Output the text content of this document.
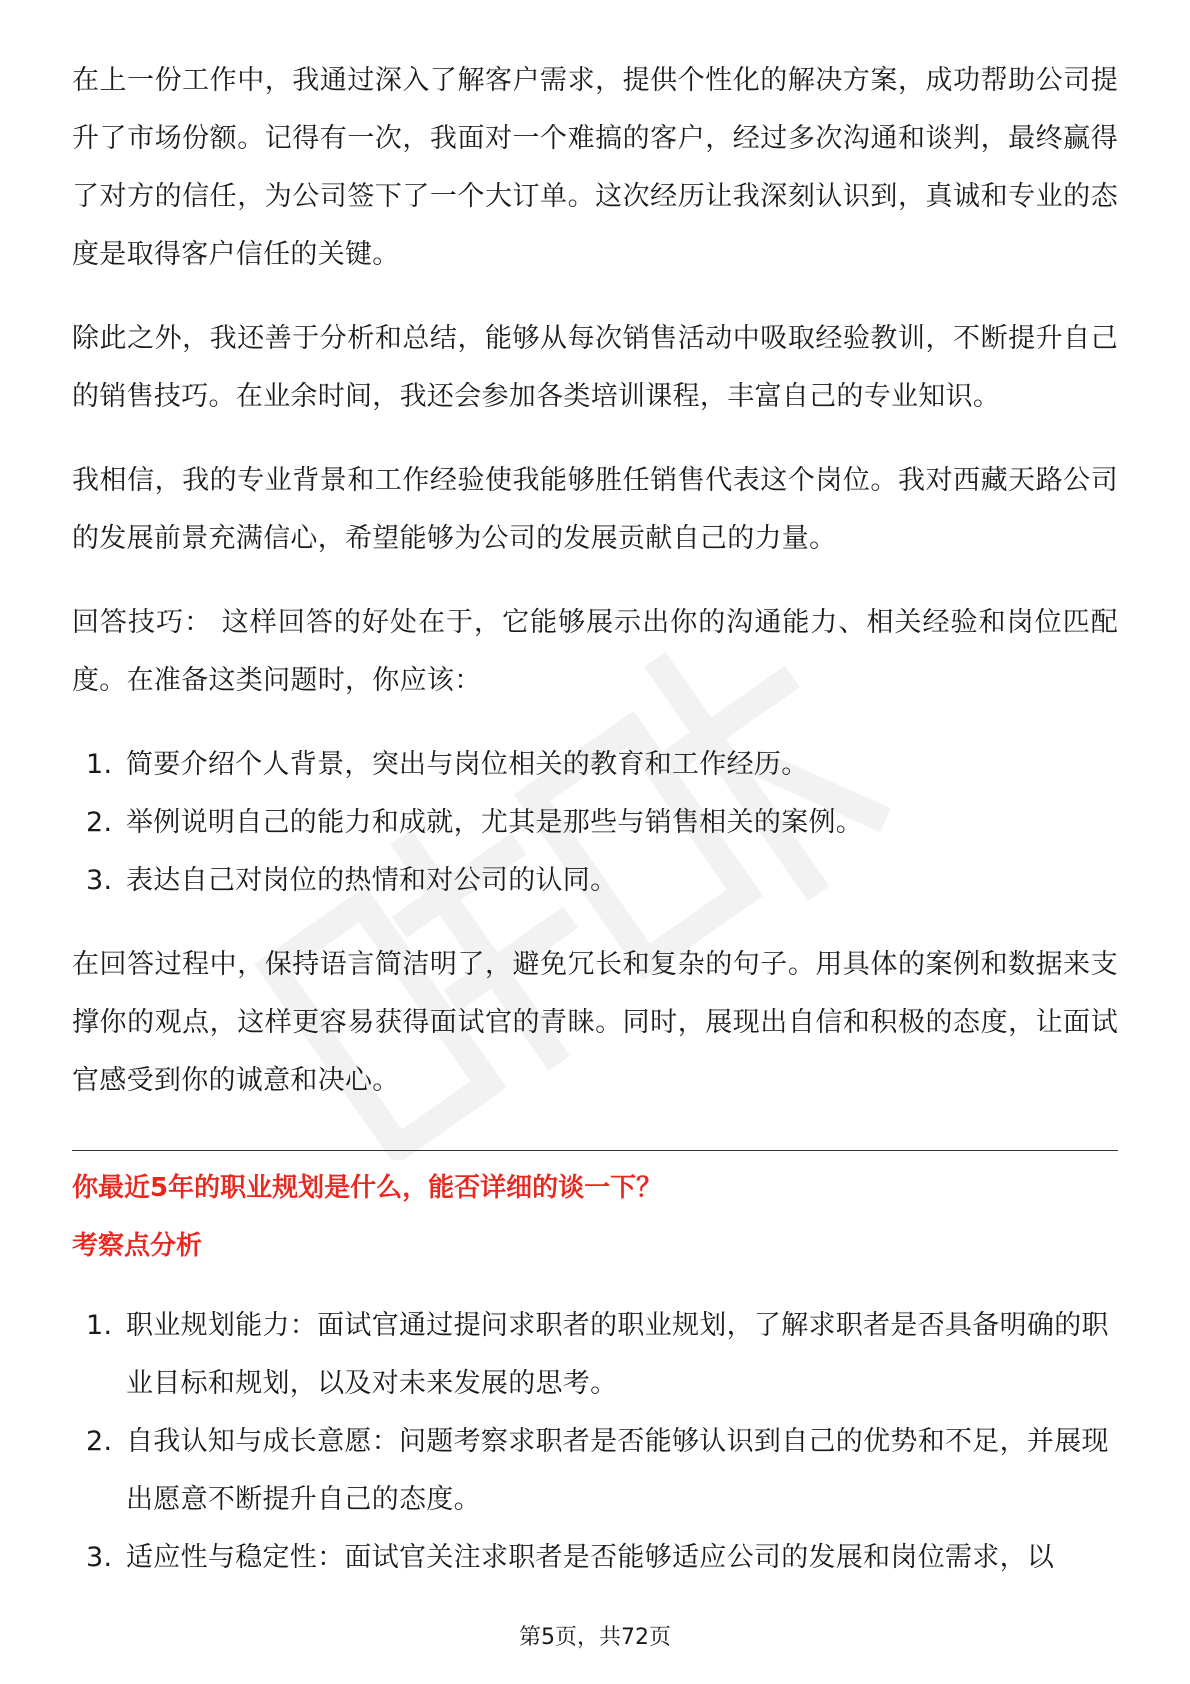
在上一份工作中，我通过深入了解客户需求，提供个性化的解决方案，成功帮助公司提升了市场份额。记得有一次，我面对一个难搞的客户，经过多次沟通和谈判，最终赢得了对方的信任，为公司签下了一个大订单。这次经历让我深刻认识到，真诚和专业的态度是取得客户信任的关键。

除此之外，我还善于分析和总结，能够从每次销售活动中吸取经验教训，不断提升自己的销售技巧。在业余时间，我还会参加各类培训课程，丰富自己的专业知识。

我相信，我的专业背景和工作经验使我能够胜任销售代表这个岗位。我对西藏天路公司的发展前景充满信心，希望能够为公司的发展贡献自己的力量。

回答技巧： 这样回答的好处在于，它能够展示出你的沟通能力、相关经验和岗位匹配度。在准备这类问题时，你应该：

1. 简要介绍个人背景，突出与岗位相关的教育和工作经历。
2. 举例说明自己的能力和成就，尤其是那些与销售相关的案例。
3. 表达自己对岗位的热情和对公司的认同。

在回答过程中，保持语言简洁明了，避免冗长和复杂的句子。用具体的案例和数据来支撑你的观点，这样更容易获得面试官的青睐。同时，展现出自信和积极的态度，让面试官感受到你的诚意和决心。

你最近5年的职业规划是什么，能否详细的谈一下？

考察点分析

1. 职业规划能力：面试官通过提问求职者的职业规划，了解求职者是否具备明确的职业目标和规划，以及对未来发展的思考。
2. 自我认知与成长意愿：问题考察求职者是否能够认识到自己的优势和不足，并展现出愿意不断提升自己的态度。
3. 适应性与稳定性：面试官关注求职者是否能够适应公司的发展和岗位需求，以
第5页，共72页
